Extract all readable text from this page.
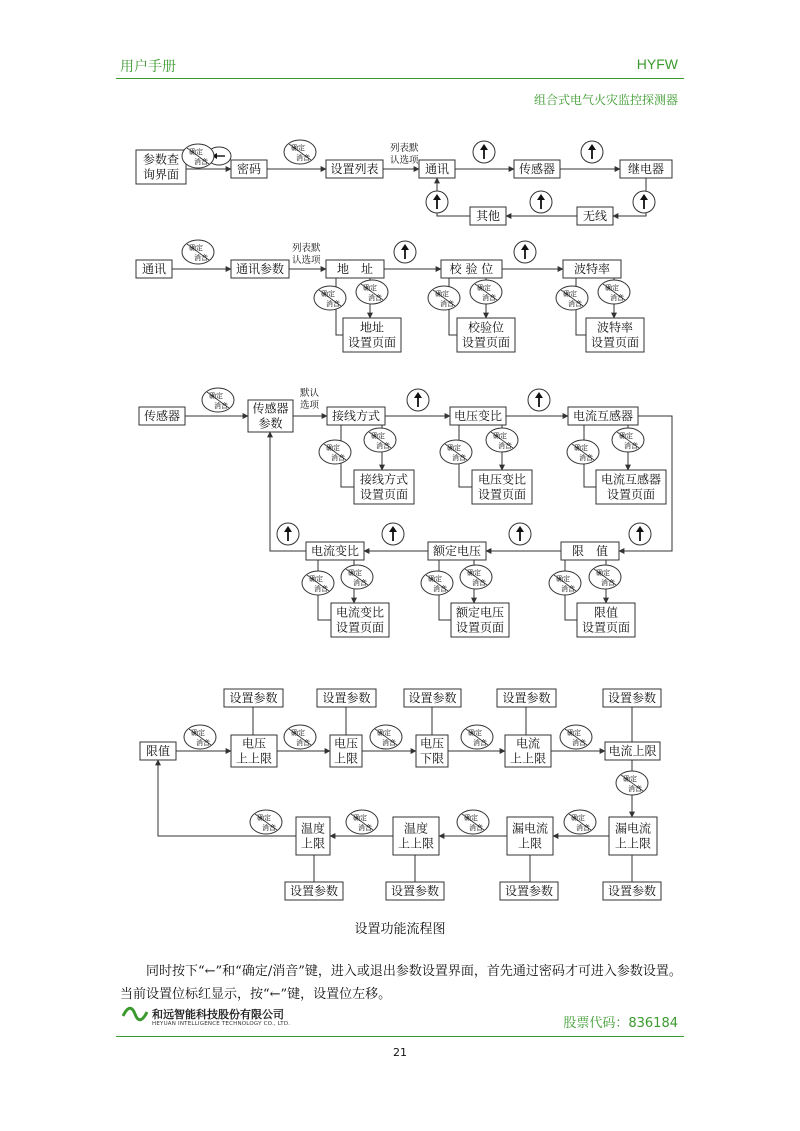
用户手册	HYFW
组合式电气火灾监控探测器
参数查
询界面	密码	设置列表	通讯	传感器	继电器
其他	无线
通讯	通讯参数	地　址	校 验 位	波特率
地址
设置页面
校验位
设置页面
波特率
设置页面
传感器
传感器
参数
接线方式	电压变比	电流互感器
接线方式
设置页面
电压变比
设置页面
电流互感器
设置页面
电流变比	额定电压	限　值
电流变比
设置页面
额定电压
设置页面
限值
设置页面
设置参数	设置参数	设置参数	设置参数	设置参数
限值
电压
上上限
电压
上限
电压
下限
电流
上上限
电流上限
漏电流
上上限
漏电流
上限
温度
上上限
温度
上限
设置参数	设置参数	设置参数	设置参数
确定
消音
确定
消音
确定
消音
确定
消音
确定
消音	确定
消音
确定
消音	确定
消音
确定
消音
确定
消音
确定
消音
确定
消音	确定
消音
确定
消音	确定
消音
确定
消音
确定
消音
确定
消音	确定
消音
确定
消音	确定
消音
确定
消音
确定
消音
确定
消音
确定
消音
确定
消音
确定
消音
确定
消音
确定
消音
确定
消音
确定
消音
确定
消音
列表默
认选项
列表默
认选项
默认
选项
设置功能流程图
同时按下“←”和“确定/消音”键，进入或退出参数设置界面，首先通过密码才可进入参数设置。当前设置位标红显示，按“←”键，设置位左移。
和远智能科技股份有限公司
HEYUAN INTELLIGENCE TECHNOLOGY CO., LTD.	股票代码：836184
21
